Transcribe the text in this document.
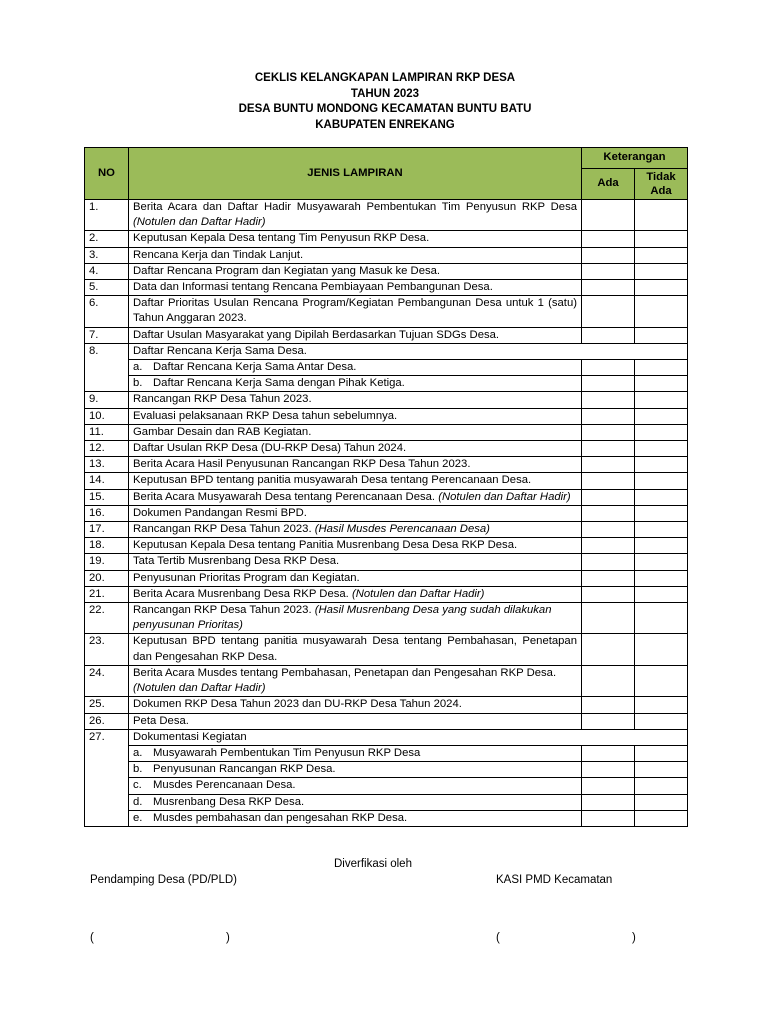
CEKLIS KELANGKAPAN LAMPIRAN RKP DESA
TAHUN 2023
DESA BUNTU MONDONG KECAMATAN BUNTU BATU
KABUPATEN ENREKANG
NO	JENIS LAMPIRAN	Keterangan	
		Ada	Tidak Ada
1.	Berita Acara dan Daftar Hadir Musyawarah Pembentukan Tim Penyusun RKP Desa (Notulen dan Daftar Hadir)		
2.	Keputusan Kepala Desa tentang Tim Penyusun RKP Desa.		
3.	Rencana Kerja dan Tindak Lanjut.		
4.	Daftar Rencana Program dan Kegiatan yang Masuk ke Desa.		
5.	Data dan Informasi tentang Rencana Pembiayaan Pembangunan Desa.		
6.	Daftar Prioritas Usulan Rencana Program/Kegiatan Pembangunan Desa untuk 1 (satu) Tahun Anggaran 2023.		
7.	Daftar Usulan Masyarakat yang Dipilah Berdasarkan Tujuan SDGs Desa.		
8.	Daftar Rencana Kerja Sama Desa.		
	a. Daftar Rencana Kerja Sama Antar Desa.		
	b. Daftar Rencana Kerja Sama dengan Pihak Ketiga.		
9.	Rancangan RKP Desa Tahun 2023.		
10.	Evaluasi pelaksanaan RKP Desa tahun sebelumnya.		
11.	Gambar Desain dan RAB Kegiatan.		
12.	Daftar Usulan RKP Desa (DU-RKP Desa) Tahun 2024.		
13.	Berita Acara Hasil Penyusunan Rancangan RKP Desa Tahun 2023.		
14.	Keputusan BPD tentang panitia musyawarah Desa tentang Perencanaan Desa.		
15.	Berita Acara Musyawarah Desa tentang Perencanaan Desa. (Notulen dan Daftar Hadir)		
16.	Dokumen Pandangan Resmi BPD.		
17.	Rancangan RKP Desa Tahun 2023. (Hasil Musdes Perencanaan Desa)		
18.	Keputusan Kepala Desa tentang Panitia Musrenbang Desa Desa RKP Desa.		
19.	Tata Tertib Musrenbang Desa RKP Desa.		
20.	Penyusunan Prioritas Program dan Kegiatan.		
21.	Berita Acara Musrenbang Desa RKP Desa. (Notulen dan Daftar Hadir)		
22.	Rancangan RKP Desa Tahun 2023. (Hasil Musrenbang Desa yang sudah dilakukan penyusunan Prioritas)		
23.	Keputusan BPD tentang panitia musyawarah Desa tentang Pembahasan, Penetapan dan Pengesahan RKP Desa.		
24.	Berita Acara Musdes tentang Pembahasan, Penetapan dan Pengesahan RKP Desa. (Notulen dan Daftar Hadir)		
25.	Dokumen RKP Desa Tahun 2023 dan DU-RKP Desa Tahun 2024.		
26.	Peta Desa.		
27.	Dokumentasi Kegiatan		
	a. Musyawarah Pembentukan Tim Penyusun RKP Desa		
	b. Penyusunan Rancangan RKP Desa.		
	c. Musdes Perencanaan Desa.		
	d. Musrenbang Desa RKP Desa.		
	e. Musdes pembahasan dan pengesahan RKP Desa.		
Diverfikasi oleh
Pendamping Desa (PD/PLD)	KASI PMD Kecamatan
(	)	(	)
